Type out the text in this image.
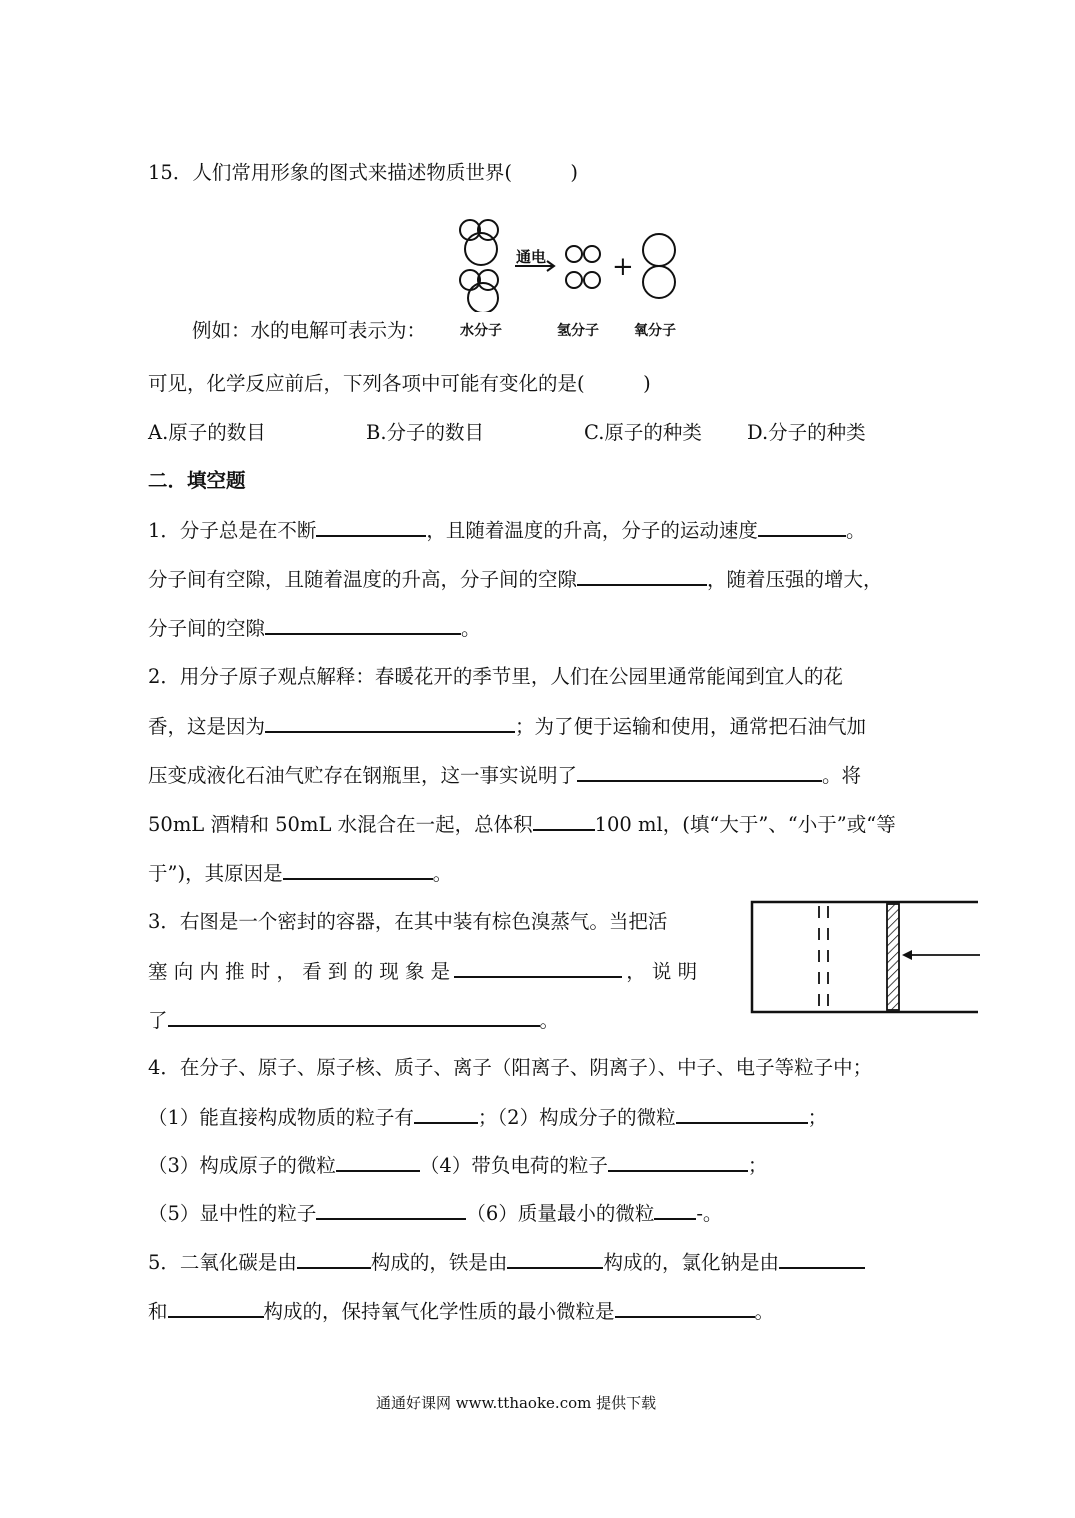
15．人们常用形象的图式来描述物质世界(　　　)
通电	+
例如：水的电解可表示为： 水分子	氢分子	氧分子
可见，化学反应前后，下列各项中可能有变化的是(　　　)
A.原子的数目	B.分子的数目	C.原子的种类 D.分子的种类
二．填空题
1．分子总是在不断	，且随着温度的升高，分子的运动速度	。
分子间有空隙，且随着温度的升高，分子间的空隙	，随着压强的增大，
分子间的空隙	。
2．用分子原子观点解释：春暖花开的季节里，人们在公园里通常能闻到宜人的花
香，这是因为	；为了便于运输和使用，通常把石油气加
压变成液化石油气贮存在钢瓶里，这一事实说明了	。将
50mL 酒精和 50mL 水混合在一起，总体积	100 ml，(填“大于”、“小于”或“等
于”)，其原因是	。
3．右图是一个密封的容器，在其中装有棕色溴蒸气。当把活
塞 向 内 推 时 ， 看 到 的 现 象 是	， 说 明
了	。
4．在分子、原子、原子核、质子、离子（阳离子、阴离子）、中子、电子等粒子中；
（1）能直接构成物质的粒子有	；（2）构成分子的微粒	；
（3）构成原子的微粒	（4）带负电荷的粒子	；
（5）显中性的粒子	（6）质量最小的微粒 -。
5．二氧化碳是由	构成的，铁是由	构成的，氯化钠是由
和	构成的，保持氧气化学性质的最小微粒是	。
通通好课网 www.tthaoke.com 提供下载
